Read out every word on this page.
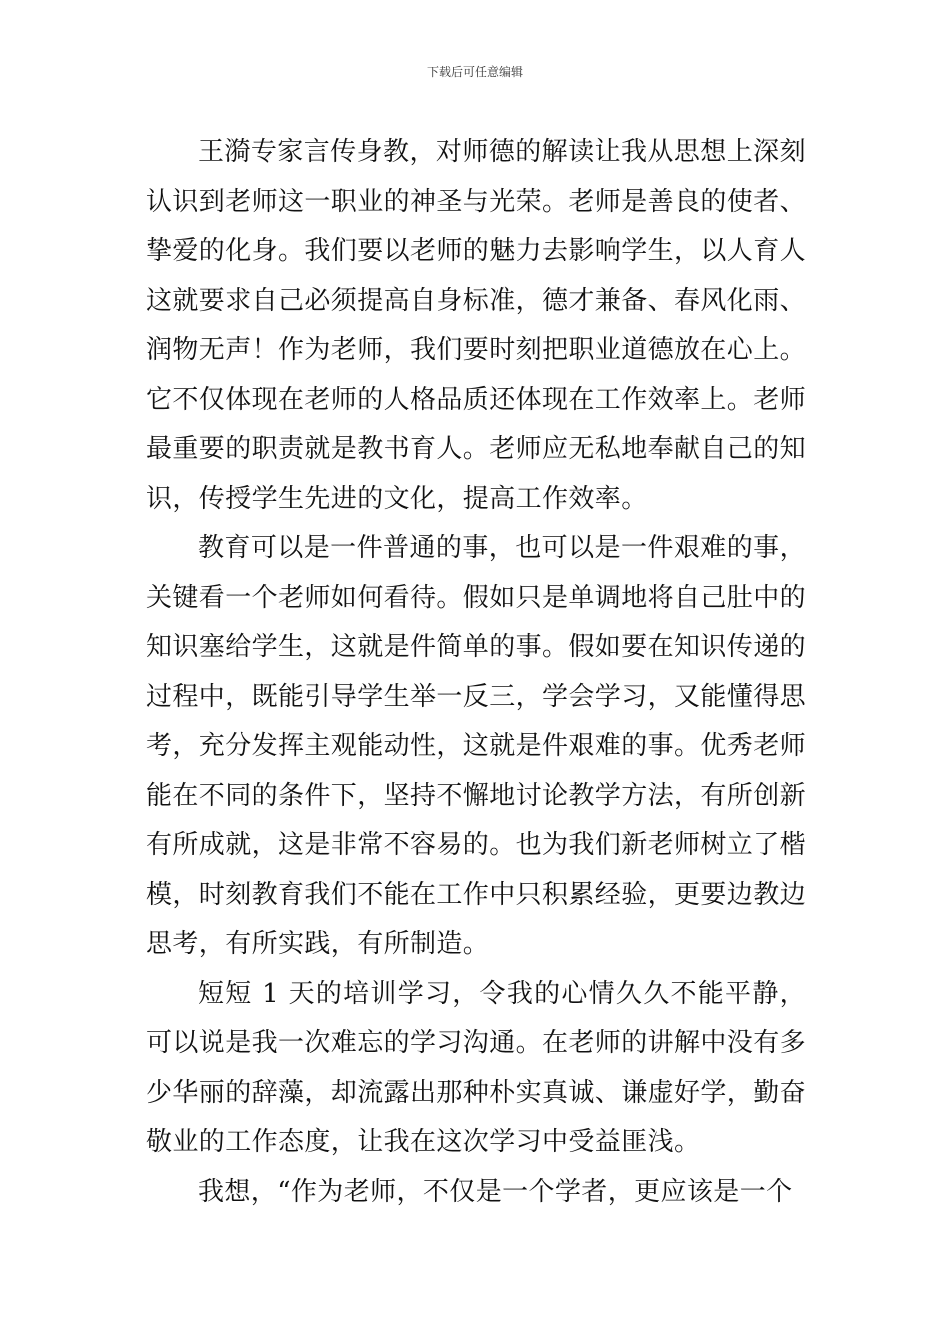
下载后可任意编辑

王漪专家言传身教，对师德的解读让我从思想上深刻认识到老师这一职业的神圣与光荣。老师是善良的使者、挚爱的化身。我们要以老师的魅力去影响学生，以人育人这就要求自己必须提高自身标准，德才兼备、春风化雨、润物无声！作为老师，我们要时刻把职业道德放在心上。它不仅体现在老师的人格品质还体现在工作效率上。老师最重要的职责就是教书育人。老师应无私地奉献自己的知识，传授学生先进的文化，提高工作效率。

教育可以是一件普通的事，也可以是一件艰难的事，关键看一个老师如何看待。假如只是单调地将自己肚中的知识塞给学生，这就是件简单的事。假如要在知识传递的过程中，既能引导学生举一反三，学会学习，又能懂得思考，充分发挥主观能动性，这就是件艰难的事。优秀老师能在不同的条件下，坚持不懈地讨论教学方法，有所创新有所成就，这是非常不容易的。也为我们新老师树立了楷模，时刻教育我们不能在工作中只积累经验，更要边教边思考，有所实践，有所制造。

短短 1 天的培训学习，令我的心情久久不能平静，可以说是我一次难忘的学习沟通。在老师的讲解中没有多少华丽的辞藻，却流露出那种朴实真诚、谦虚好学，勤奋敬业的工作态度，让我在这次学习中受益匪浅。

我想，“作为老师，不仅是一个学者，更应该是一个
